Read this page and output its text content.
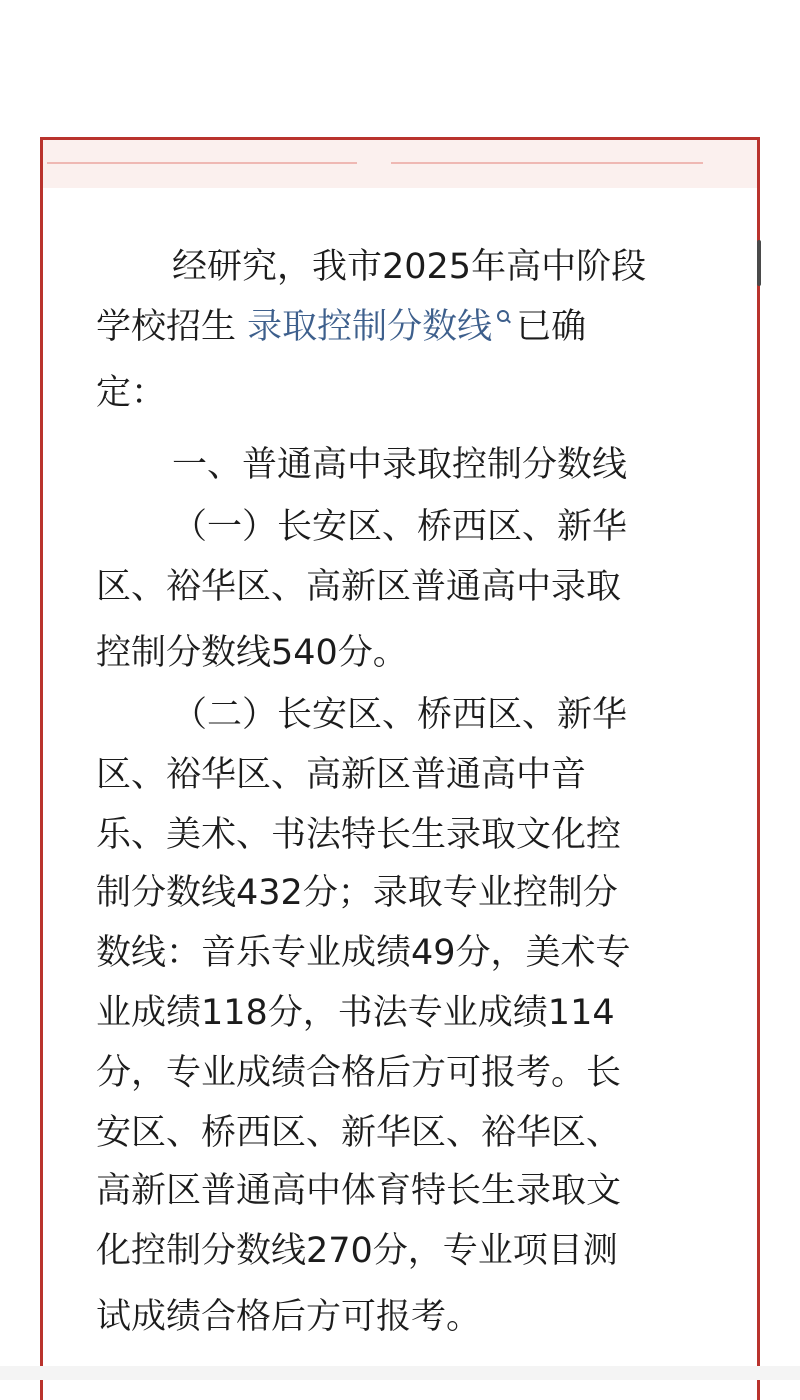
经研究，我市2025年高中阶段

学校招生 录取控制分数线 已确

定：

一、普通高中录取控制分数线

（一）长安区、桥西区、新华

区、裕华区、高新区普通高中录取

控制分数线540分。

（二）长安区、桥西区、新华

区、裕华区、高新区普通高中音

乐、美术、书法特长生录取文化控

制分数线432分；录取专业控制分

数线：音乐专业成绩49分，美术专

业成绩118分，书法专业成绩114

分，专业成绩合格后方可报考。长

安区、桥西区、新华区、裕华区、

高新区普通高中体育特长生录取文

化控制分数线270分，专业项目测

试成绩合格后方可报考。
